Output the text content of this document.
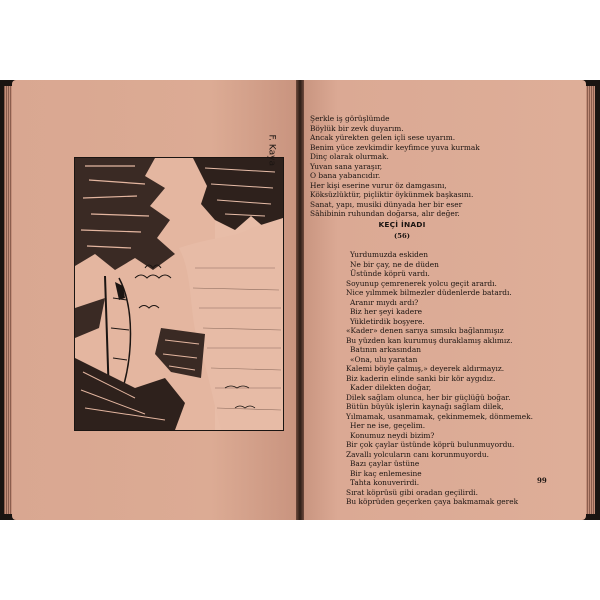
F. Kaya
Şerkle iş görüşlümde
Böylük bir zevk duyarım.
Ancak yürekten gelen içli sese uyarım.
Benim yüce zevkimdir keyfimce yuva kurmak
Dinç olarak olurmak.
Yuvan sana yaraşır,
O bana yabancıdır.
Her kişi eserine vurur öz damgasını,
Köksüzlüktür, piçliktir öykünmek başkasını.
Sanat, yapı, musiki dünyada her bir eser
Sâhibinin ruhundan doğarsa, alır değer.
KEÇİ İNADI
(56)
Yurdumuzda eskiden
Ne bir çay, ne de düden
Üstünde köprü vardı.
Soyunup çemrenerek yolcu geçit arardı.
Nice yılmmek bilmezler düdenlerde batardı.
Aranır mıydı ardı?
Biz her şeyi kadere
Yükletirdik boşyere.
«Kader» denen sarıya sımsıkı bağlanmışız
Bu yüzden kan kurumuş duraklamış aklımız.
Batının arkasından
«Ona, ulu yaratan
Kalemi böyle çalmış,» deyerek aldırmayız.
Biz kaderin elinde sanki bir kör aygıdız.
Kader dilekten doğar,
Dilek sağlam olunca, her bir güçlüğü boğar.
Bütün büyük işlerin kaynağı sağlam dilek,
Yılmamak, usanmamak, çekinmemek, dönmemek.
Her ne ise, geçelim.
Konumuz neydi bizim?
Bir çok çaylar üstünde köprü bulunmuyordu.
Zavallı yolcuların canı korunmuyordu.
Bazı çaylar üstüne
Bir kaç enlemesine
Tahta konuverirdi.
Sırat köprüsü gibi oradan geçilirdi.
Bu köprüden geçerken çaya bakmamak gerek
99
